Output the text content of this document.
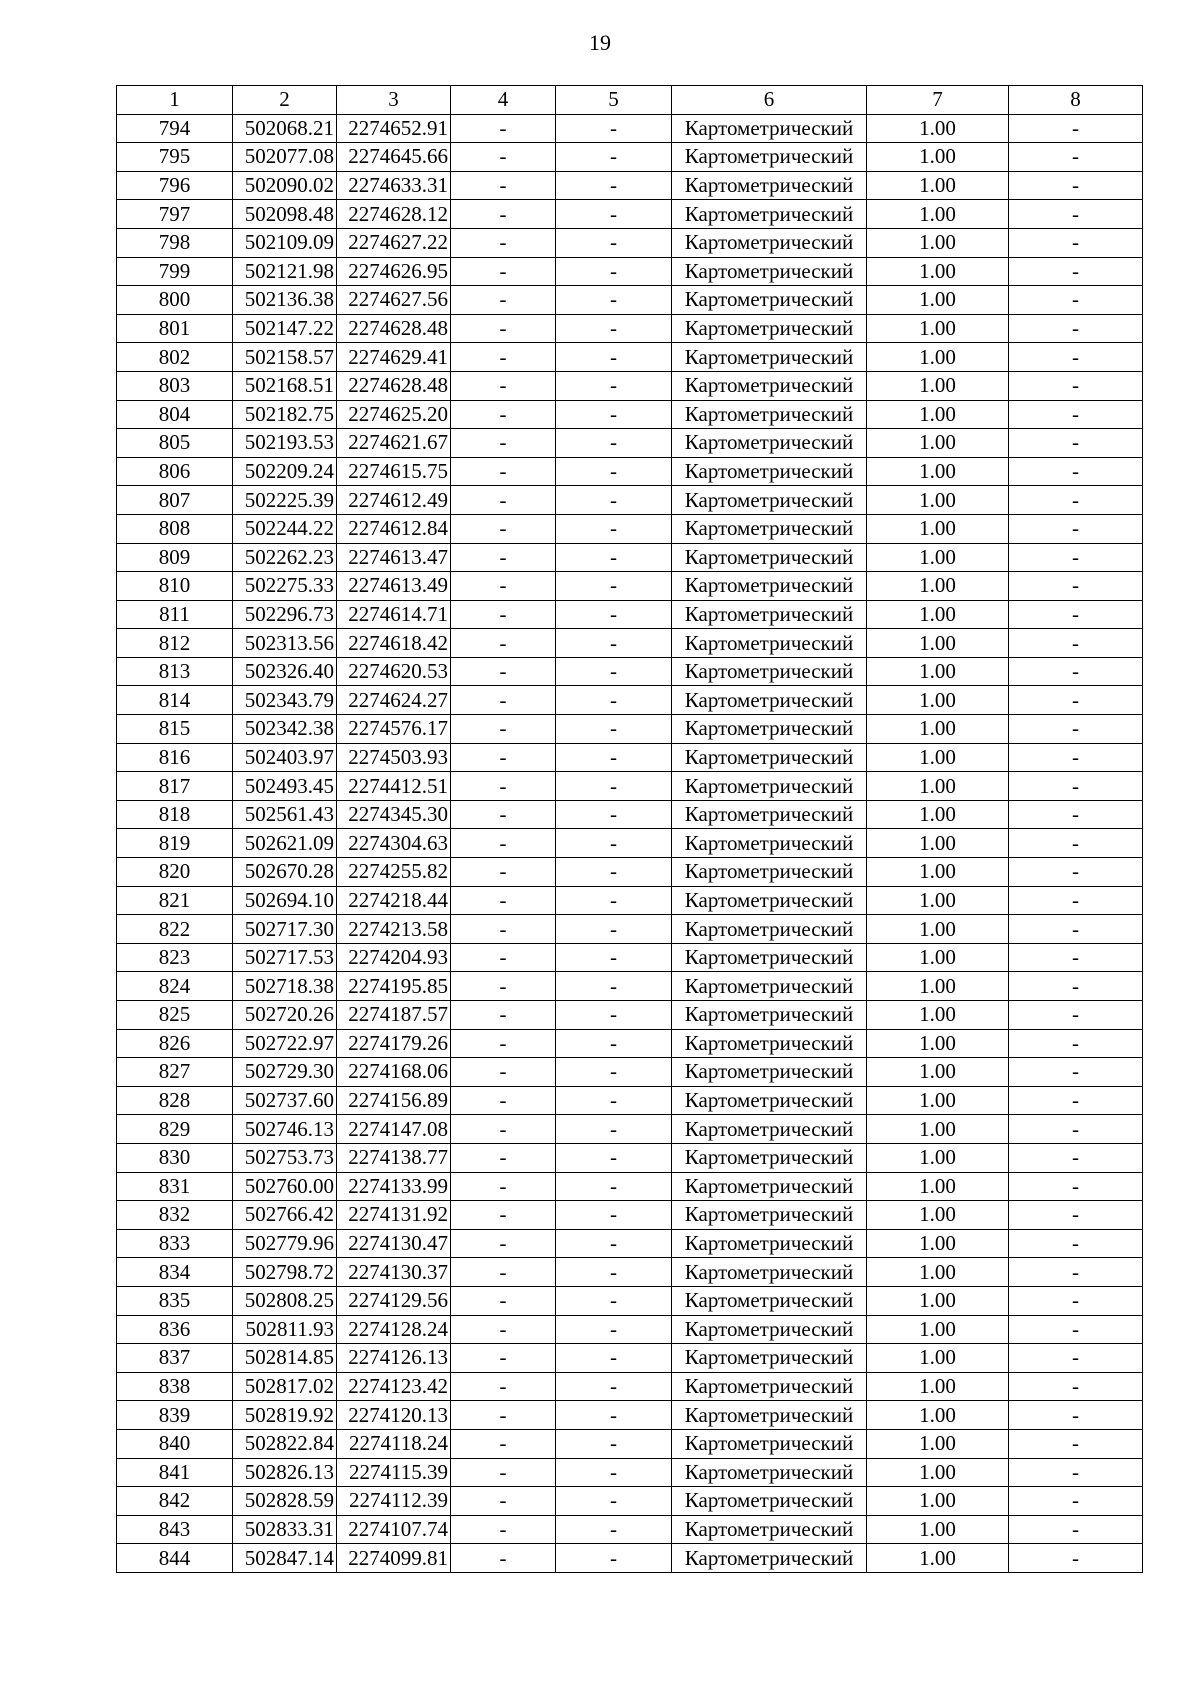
19
1	2	3	4	5	6	7	8
794	502068.21	2274652.91	-	-	Картометрический	1.00	-
795	502077.08	2274645.66	-	-	Картометрический	1.00	-
796	502090.02	2274633.31	-	-	Картометрический	1.00	-
797	502098.48	2274628.12	-	-	Картометрический	1.00	-
798	502109.09	2274627.22	-	-	Картометрический	1.00	-
799	502121.98	2274626.95	-	-	Картометрический	1.00	-
800	502136.38	2274627.56	-	-	Картометрический	1.00	-
801	502147.22	2274628.48	-	-	Картометрический	1.00	-
802	502158.57	2274629.41	-	-	Картометрический	1.00	-
803	502168.51	2274628.48	-	-	Картометрический	1.00	-
804	502182.75	2274625.20	-	-	Картометрический	1.00	-
805	502193.53	2274621.67	-	-	Картометрический	1.00	-
806	502209.24	2274615.75	-	-	Картометрический	1.00	-
807	502225.39	2274612.49	-	-	Картометрический	1.00	-
808	502244.22	2274612.84	-	-	Картометрический	1.00	-
809	502262.23	2274613.47	-	-	Картометрический	1.00	-
810	502275.33	2274613.49	-	-	Картометрический	1.00	-
811	502296.73	2274614.71	-	-	Картометрический	1.00	-
812	502313.56	2274618.42	-	-	Картометрический	1.00	-
813	502326.40	2274620.53	-	-	Картометрический	1.00	-
814	502343.79	2274624.27	-	-	Картометрический	1.00	-
815	502342.38	2274576.17	-	-	Картометрический	1.00	-
816	502403.97	2274503.93	-	-	Картометрический	1.00	-
817	502493.45	2274412.51	-	-	Картометрический	1.00	-
818	502561.43	2274345.30	-	-	Картометрический	1.00	-
819	502621.09	2274304.63	-	-	Картометрический	1.00	-
820	502670.28	2274255.82	-	-	Картометрический	1.00	-
821	502694.10	2274218.44	-	-	Картометрический	1.00	-
822	502717.30	2274213.58	-	-	Картометрический	1.00	-
823	502717.53	2274204.93	-	-	Картометрический	1.00	-
824	502718.38	2274195.85	-	-	Картометрический	1.00	-
825	502720.26	2274187.57	-	-	Картометрический	1.00	-
826	502722.97	2274179.26	-	-	Картометрический	1.00	-
827	502729.30	2274168.06	-	-	Картометрический	1.00	-
828	502737.60	2274156.89	-	-	Картометрический	1.00	-
829	502746.13	2274147.08	-	-	Картометрический	1.00	-
830	502753.73	2274138.77	-	-	Картометрический	1.00	-
831	502760.00	2274133.99	-	-	Картометрический	1.00	-
832	502766.42	2274131.92	-	-	Картометрический	1.00	-
833	502779.96	2274130.47	-	-	Картометрический	1.00	-
834	502798.72	2274130.37	-	-	Картометрический	1.00	-
835	502808.25	2274129.56	-	-	Картометрический	1.00	-
836	502811.93	2274128.24	-	-	Картометрический	1.00	-
837	502814.85	2274126.13	-	-	Картометрический	1.00	-
838	502817.02	2274123.42	-	-	Картометрический	1.00	-
839	502819.92	2274120.13	-	-	Картометрический	1.00	-
840	502822.84	2274118.24	-	-	Картометрический	1.00	-
841	502826.13	2274115.39	-	-	Картометрический	1.00	-
842	502828.59	2274112.39	-	-	Картометрический	1.00	-
843	502833.31	2274107.74	-	-	Картометрический	1.00	-
844	502847.14	2274099.81	-	-	Картометрический	1.00	-
